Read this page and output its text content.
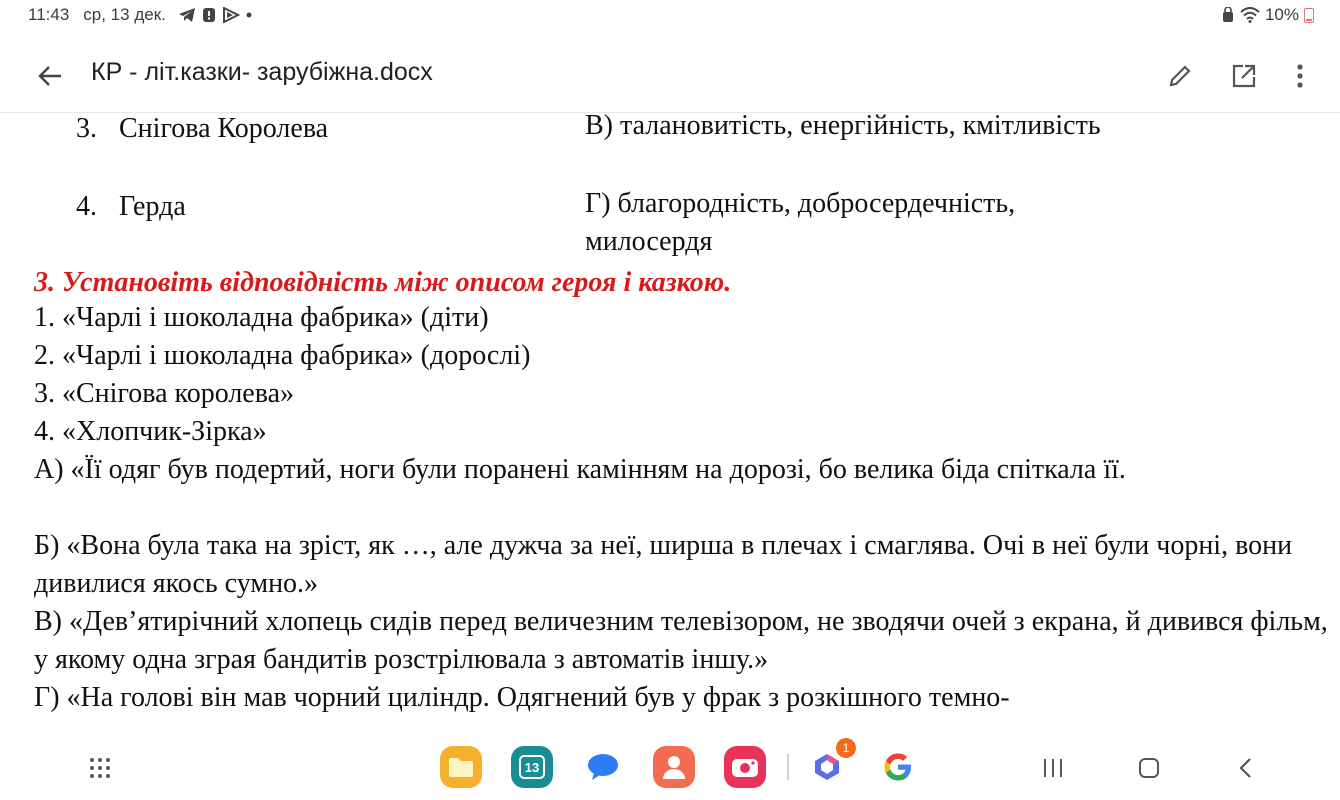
11:43 ср, 13 дек.	10%
КР - літ.казки- зарубіжна.docx
3. Снігова Королева	В) талановитість, енергійність, кмітливість
4. Герда	Г) благородність, добросердечність, милосердя
3. Установіть відповідність між описом героя і казкою.
1. «Чарлі і шоколадна фабрика» (діти)
2. «Чарлі і шоколадна фабрика» (дорослі)
3. «Снігова королева»
4. «Хлопчик-Зірка»
А) «Її одяг був подертий, ноги були поранені камінням на дорозі, бо велика біда спіткала її.
Б) «Вона була така на зріст, як …, але дужча за неї, ширша в плечах і смаглява. Очі в неї були чорні, вони дивилися якось сумно.»
В) «Дев’ятирічний хлопець сидів перед величезним телевізором, не зводячи очей з екрана, й дивився фільм, у якому одна зграя бандитів розстрілювала з автоматів іншу.»
Г) «На голові він мав чорний циліндр. Одягнений був у фрак з розкішного темно-
13
1
